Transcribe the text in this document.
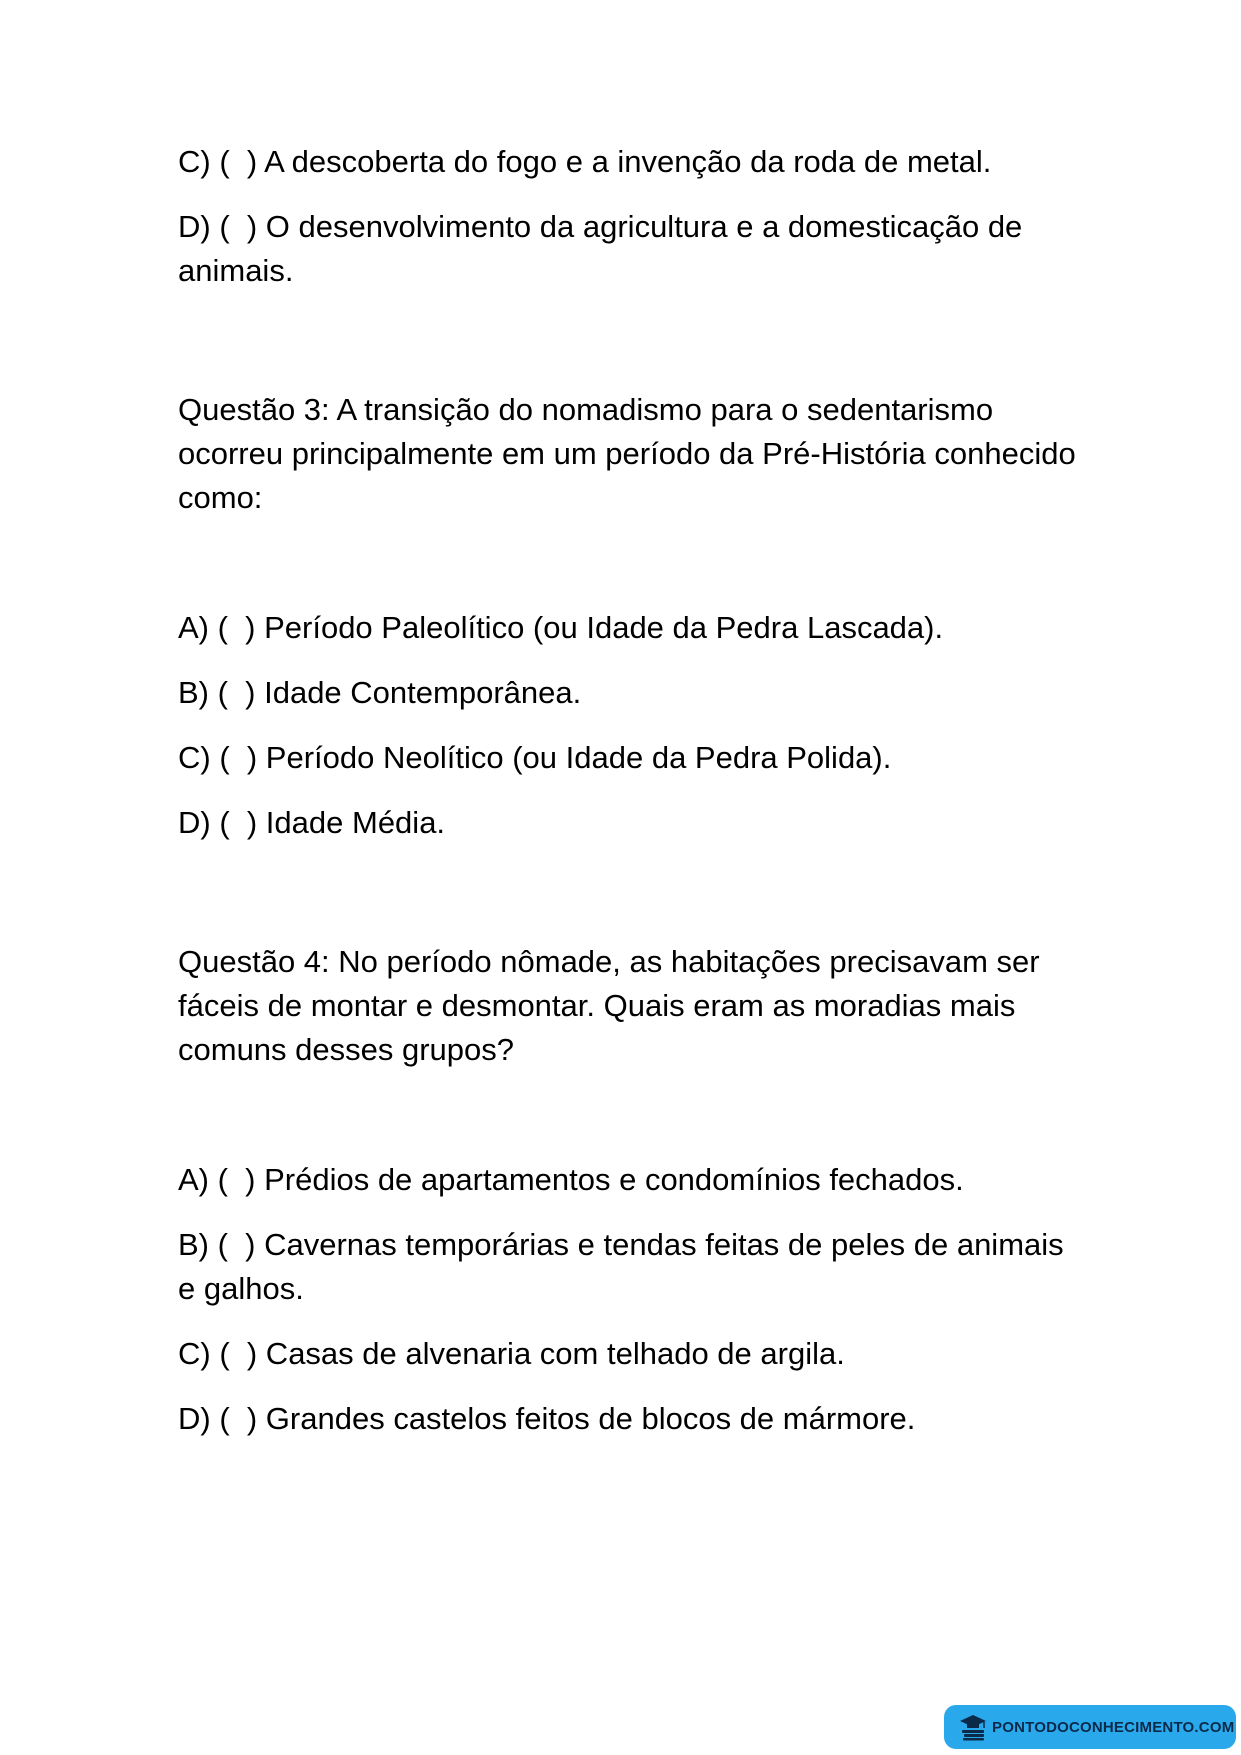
C) (  ) A descoberta do fogo e a invenção da roda de metal.

D) (  ) O desenvolvimento da agricultura e a domesticação de animais.

Questão 3: A transição do nomadismo para o sedentarismo ocorreu principalmente em um período da Pré-História conhecido como:

A) (  ) Período Paleolítico (ou Idade da Pedra Lascada).

B) (  ) Idade Contemporânea.

C) (  ) Período Neolítico (ou Idade da Pedra Polida).

D) (  ) Idade Média.

Questão 4: No período nômade, as habitações precisavam ser fáceis de montar e desmontar. Quais eram as moradias mais comuns desses grupos?

A) (  ) Prédios de apartamentos e condomínios fechados.

B) (  ) Cavernas temporárias e tendas feitas de peles de animais e galhos.

C) (  ) Casas de alvenaria com telhado de argila.

D) (  ) Grandes castelos feitos de blocos de mármore.

PONTODOCONHECIMENTO.COM
